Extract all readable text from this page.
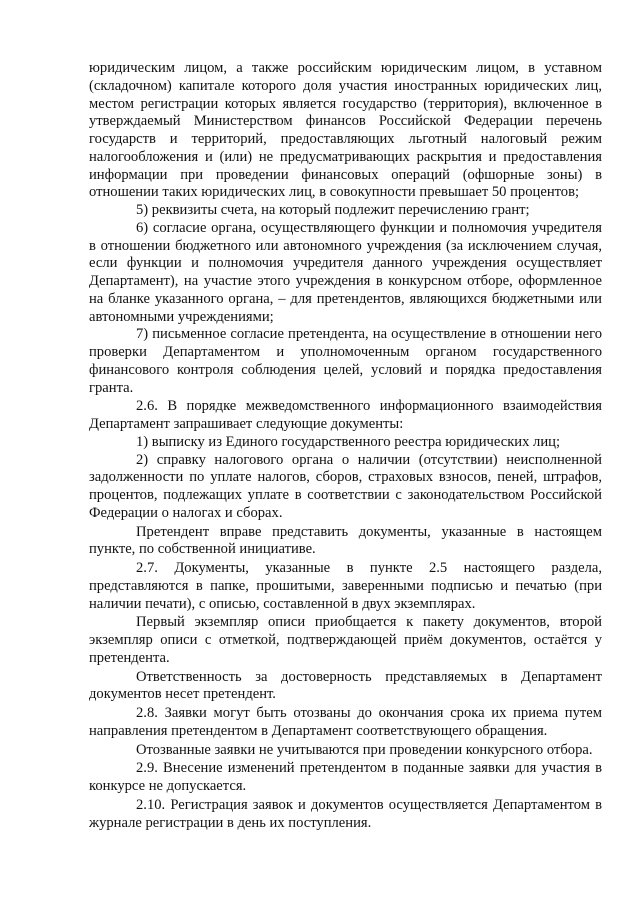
юридическим лицом, а также российским юридическим лицом, в уставном (складочном) капитале которого доля участия иностранных юридических лиц, местом регистрации которых является государство (территория), включенное в утверждаемый Министерством финансов Российской Федерации перечень государств и территорий, предоставляющих льготный налоговый режим налогообложения и (или) не предусматривающих раскрытия и предоставления информации при проведении финансовых операций (офшорные зоны) в отношении таких юридических лиц, в совокупности превышает 50 процентов;

5) реквизиты счета, на который подлежит перечислению грант;

6) согласие органа, осуществляющего функции и полномочия учредителя в отношении бюджетного или автономного учреждения (за исключением случая, если функции и полномочия учредителя данного учреждения осуществляет Департамент), на участие этого учреждения в конкурсном отборе, оформленное на бланке указанного органа, – для претендентов, являющихся бюджетными или автономными учреждениями;

7) письменное согласие претендента, на осуществление в отношении него проверки Департаментом и уполномоченным органом государственного финансового контроля соблюдения целей, условий и порядка предоставления гранта.

2.6. В порядке межведомственного информационного взаимодействия Департамент запрашивает следующие документы:

1) выписку из Единого государственного реестра юридических лиц;

2) справку налогового органа о наличии (отсутствии) неисполненной задолженности по уплате налогов, сборов, страховых взносов, пеней, штрафов, процентов, подлежащих уплате в соответствии с законодательством Российской Федерации о налогах и сборах.

Претендент вправе представить документы, указанные в настоящем пункте, по собственной инициативе.

2.7. Документы, указанные в пункте 2.5 настоящего раздела, представляются в папке, прошитыми, заверенными подписью и печатью (при наличии печати), с описью, составленной в двух экземплярах.

Первый экземпляр описи приобщается к пакету документов, второй экземпляр описи с отметкой, подтверждающей приём документов, остаётся у претендента.

Ответственность за достоверность представляемых в Департамент документов несет претендент.

2.8. Заявки могут быть отозваны до окончания срока их приема путем направления претендентом в Департамент соответствующего обращения.

Отозванные заявки не учитываются при проведении конкурсного отбора.

2.9. Внесение изменений претендентом в поданные заявки для участия в конкурсе не допускается.

2.10. Регистрация заявок и документов осуществляется Департаментом в журнале регистрации в день их поступления.
